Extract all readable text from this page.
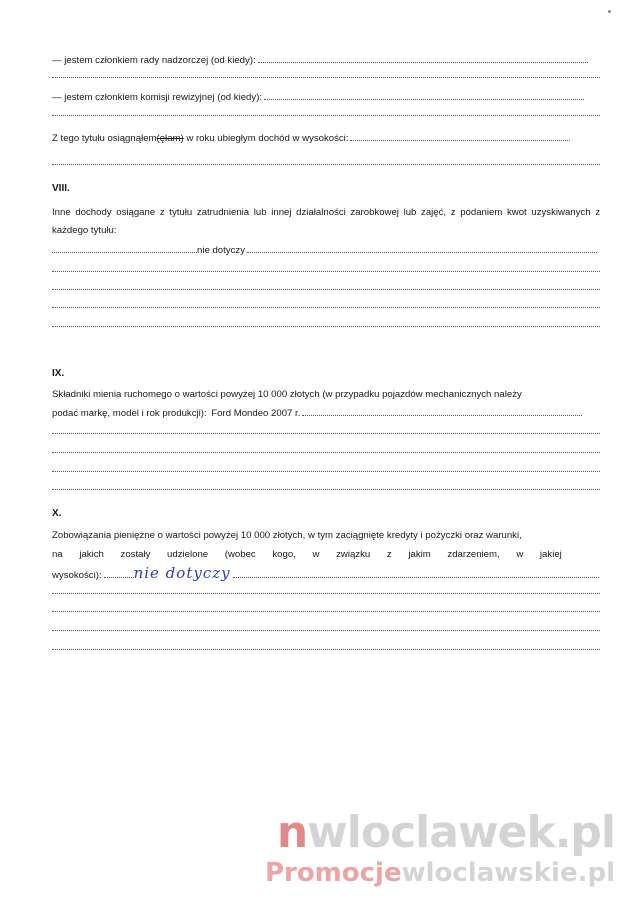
— jestem członkiem rady nadzorczej (od kiedy):
— jestem członkiem komisji rewizyjnej (od kiedy):
Z tego tytułu osiągnąłem(ęłam) w roku ubiegłym dochód w wysokości:
VIII.
Inne dochody osiągane z tytułu zatrudnienia lub innej działalności zarobkowej lub zajęć, z podaniem kwot uzyskiwanych z każdego tytułu:
nie dotyczy
IX.
Składniki mienia ruchomego o wartości powyżej 10 000 złotych (w przypadku pojazdów mechanicznych należy
podać markę, model i rok produkcji): Ford Mondeo 2007 r.
X.
Zobowiązania pieniężne o wartości powyżej 10 000 złotych, w tym zaciągnięte kredyty i pożyczki oraz warunki,
na jakich zostały udzielone (wobec kogo, w związku z jakim zdarzeniem, w jakiej
wysokości): nie dotyczy
nwloclawek.pl
Promocjewloclawskie.pl
